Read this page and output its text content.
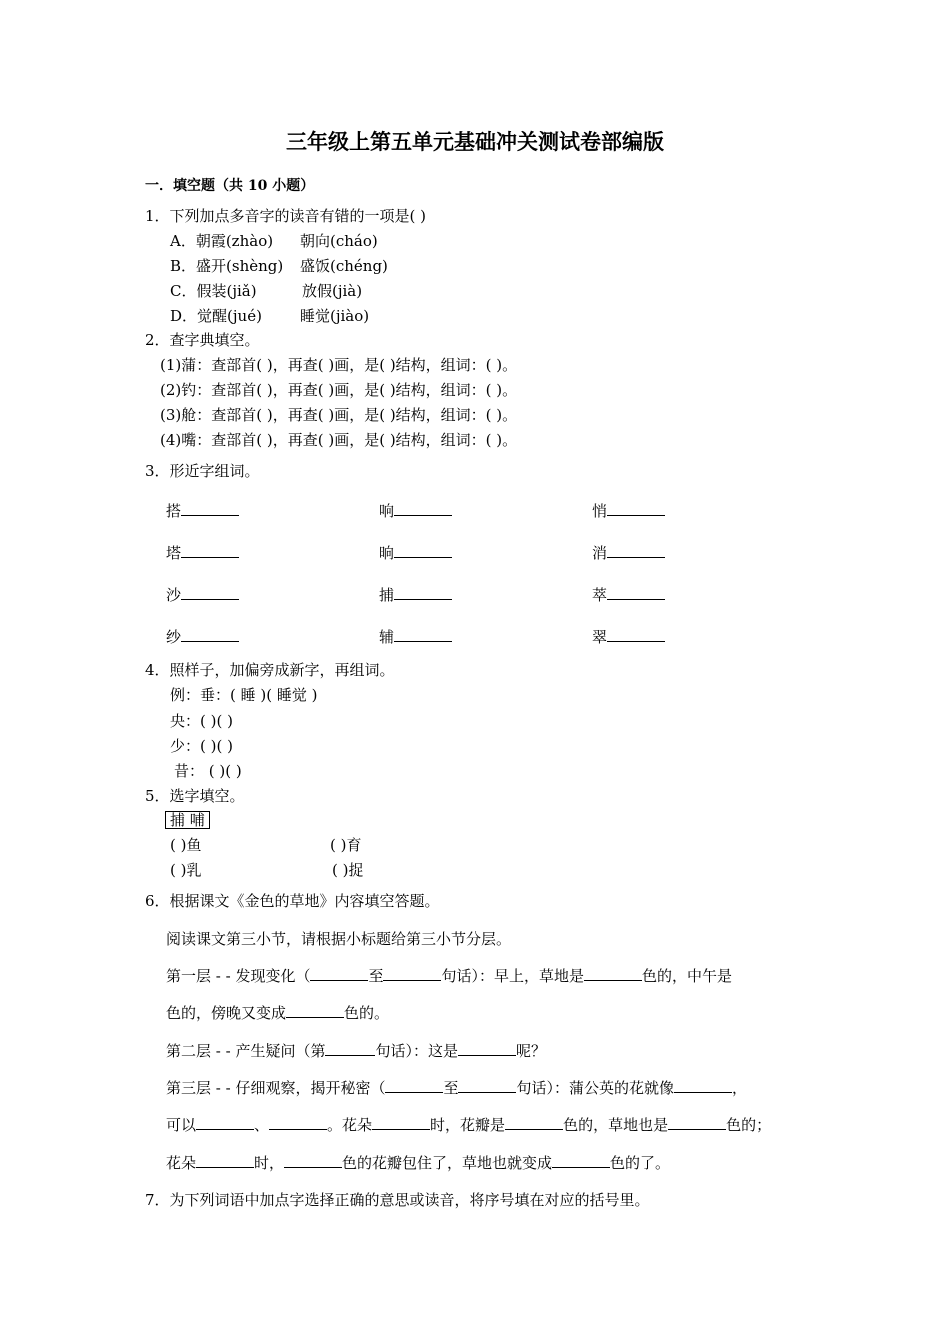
三年级上第五单元基础冲关测试卷部编版
一．填空题（共 10 小题）
1．下列加点多音字的读音有错的一项是( )
A．朝霞(zhào) 朝向(cháo)
B．盛开(shèng) 盛饭(chéng)
C．假装(jiǎ)	放假(jià)
D．觉醒(jué)	睡觉(jiào)
2．查字典填空。
(1)蒲：查部首( )，再查( )画，是( )结构，组词：( )。
(2)钓：查部首( )，再查( )画，是( )结构，组词：( )。
(3)舱：查部首( )，再查( )画，是( )结构，组词：( )。
(4)嘴：查部首( )，再查( )画，是( )结构，组词：( )。
3．形近字组词。
搭	响	悄
塔	晌	消
沙	捕	萃
纱	辅	翠
4．照样子，加偏旁成新字，再组词。
例：垂：( 睡 )( 睡觉 )
央：( )( )
少：( )( )
昔： ( )( )
5．选字填空。
捕 哺
( )鱼	( )育
( )乳	( )捉
6．根据课文《金色的草地》内容填空答题。
阅读课文第三小节，请根据小标题给第三小节分层。
第一层 - - 发现变化（	至	句话）：早上，草地是	色的，中午是
色的，傍晚又变成	色的。
第二层 - - 产生疑问（第	句话）：这是	呢？
第三层 - - 仔细观察，揭开秘密（	至	句话）：蒲公英的花就像	，
可以	、	。花朵	时，花瓣是	色的，草地也是	色的；
花朵	时，	色的花瓣包住了，草地也就变成	色的了。
7．为下列词语中加点字选择正确的意思或读音，将序号填在对应的括号里。
